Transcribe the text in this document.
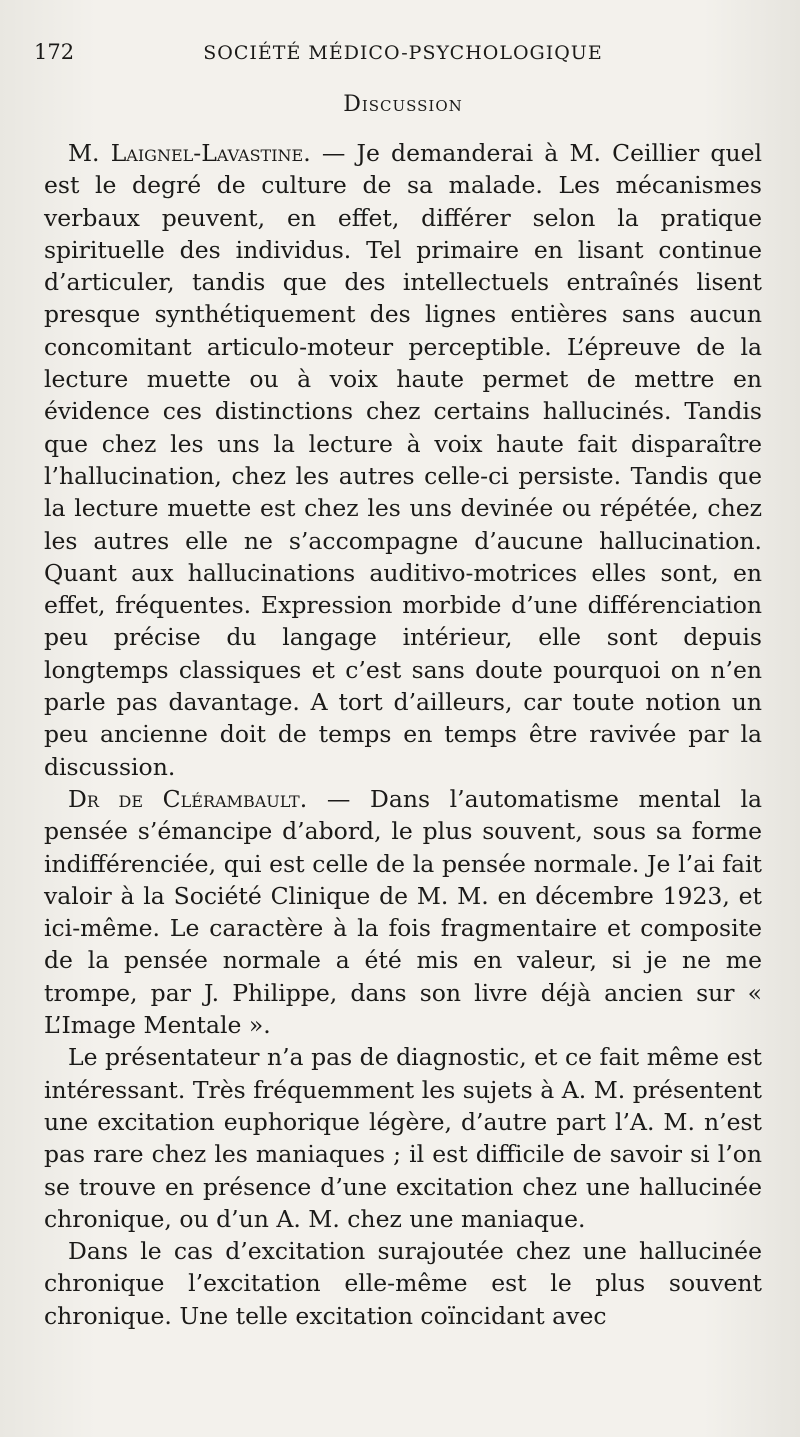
172	SOCIÉTÉ MÉDICO-PSYCHOLOGIQUE
Discussion

M. Laignel-Lavastine. — Je demanderai à M. Ceillier quel est le degré de culture de sa malade. Les mécanismes verbaux peuvent, en effet, différer selon la pratique spirituelle des individus. Tel primaire en lisant continue d’articuler, tandis que des intellectuels entraînés lisent presque synthétiquement des lignes entières sans aucun concomitant articulo-moteur perceptible. L’épreuve de la lecture muette ou à voix haute permet de mettre en évidence ces distinctions chez certains hallucinés. Tandis que chez les uns la lecture à voix haute fait disparaître l’hallucination, chez les autres celle-ci persiste. Tandis que la lecture muette est chez les uns devinée ou répétée, chez les autres elle ne s’accompagne d’aucune hallucination. Quant aux hallucinations auditivo-motrices elles sont, en effet, fréquentes. Expression morbide d’une différenciation peu précise du langage intérieur, elle sont depuis longtemps classiques et c’est sans doute pourquoi on n’en parle pas davantage. A tort d’ailleurs, car toute notion un peu ancienne doit de temps en temps être ravivée par la discussion.

Dr de Clérambault. — Dans l’automatisme mental la pensée s’émancipe d’abord, le plus souvent, sous sa forme indifférenciée, qui est celle de la pensée normale. Je l’ai fait valoir à la Société Clinique de M. M. en décembre 1923, et ici-même. Le caractère à la fois fragmentaire et composite de la pensée normale a été mis en valeur, si je ne me trompe, par J. Philippe, dans son livre déjà ancien sur « L’Image Mentale ».

Le présentateur n’a pas de diagnostic, et ce fait même est intéressant. Très fréquemment les sujets à A. M. présentent une excitation euphorique légère, d’autre part l’A. M. n’est pas rare chez les maniaques ; il est difficile de savoir si l’on se trouve en présence d’une excitation chez une hallucinée chronique, ou d’un A. M. chez une maniaque.

Dans le cas d’excitation surajoutée chez une hallucinée chronique l’excitation elle-même est le plus souvent chronique. Une telle excitation coïncidant avec
